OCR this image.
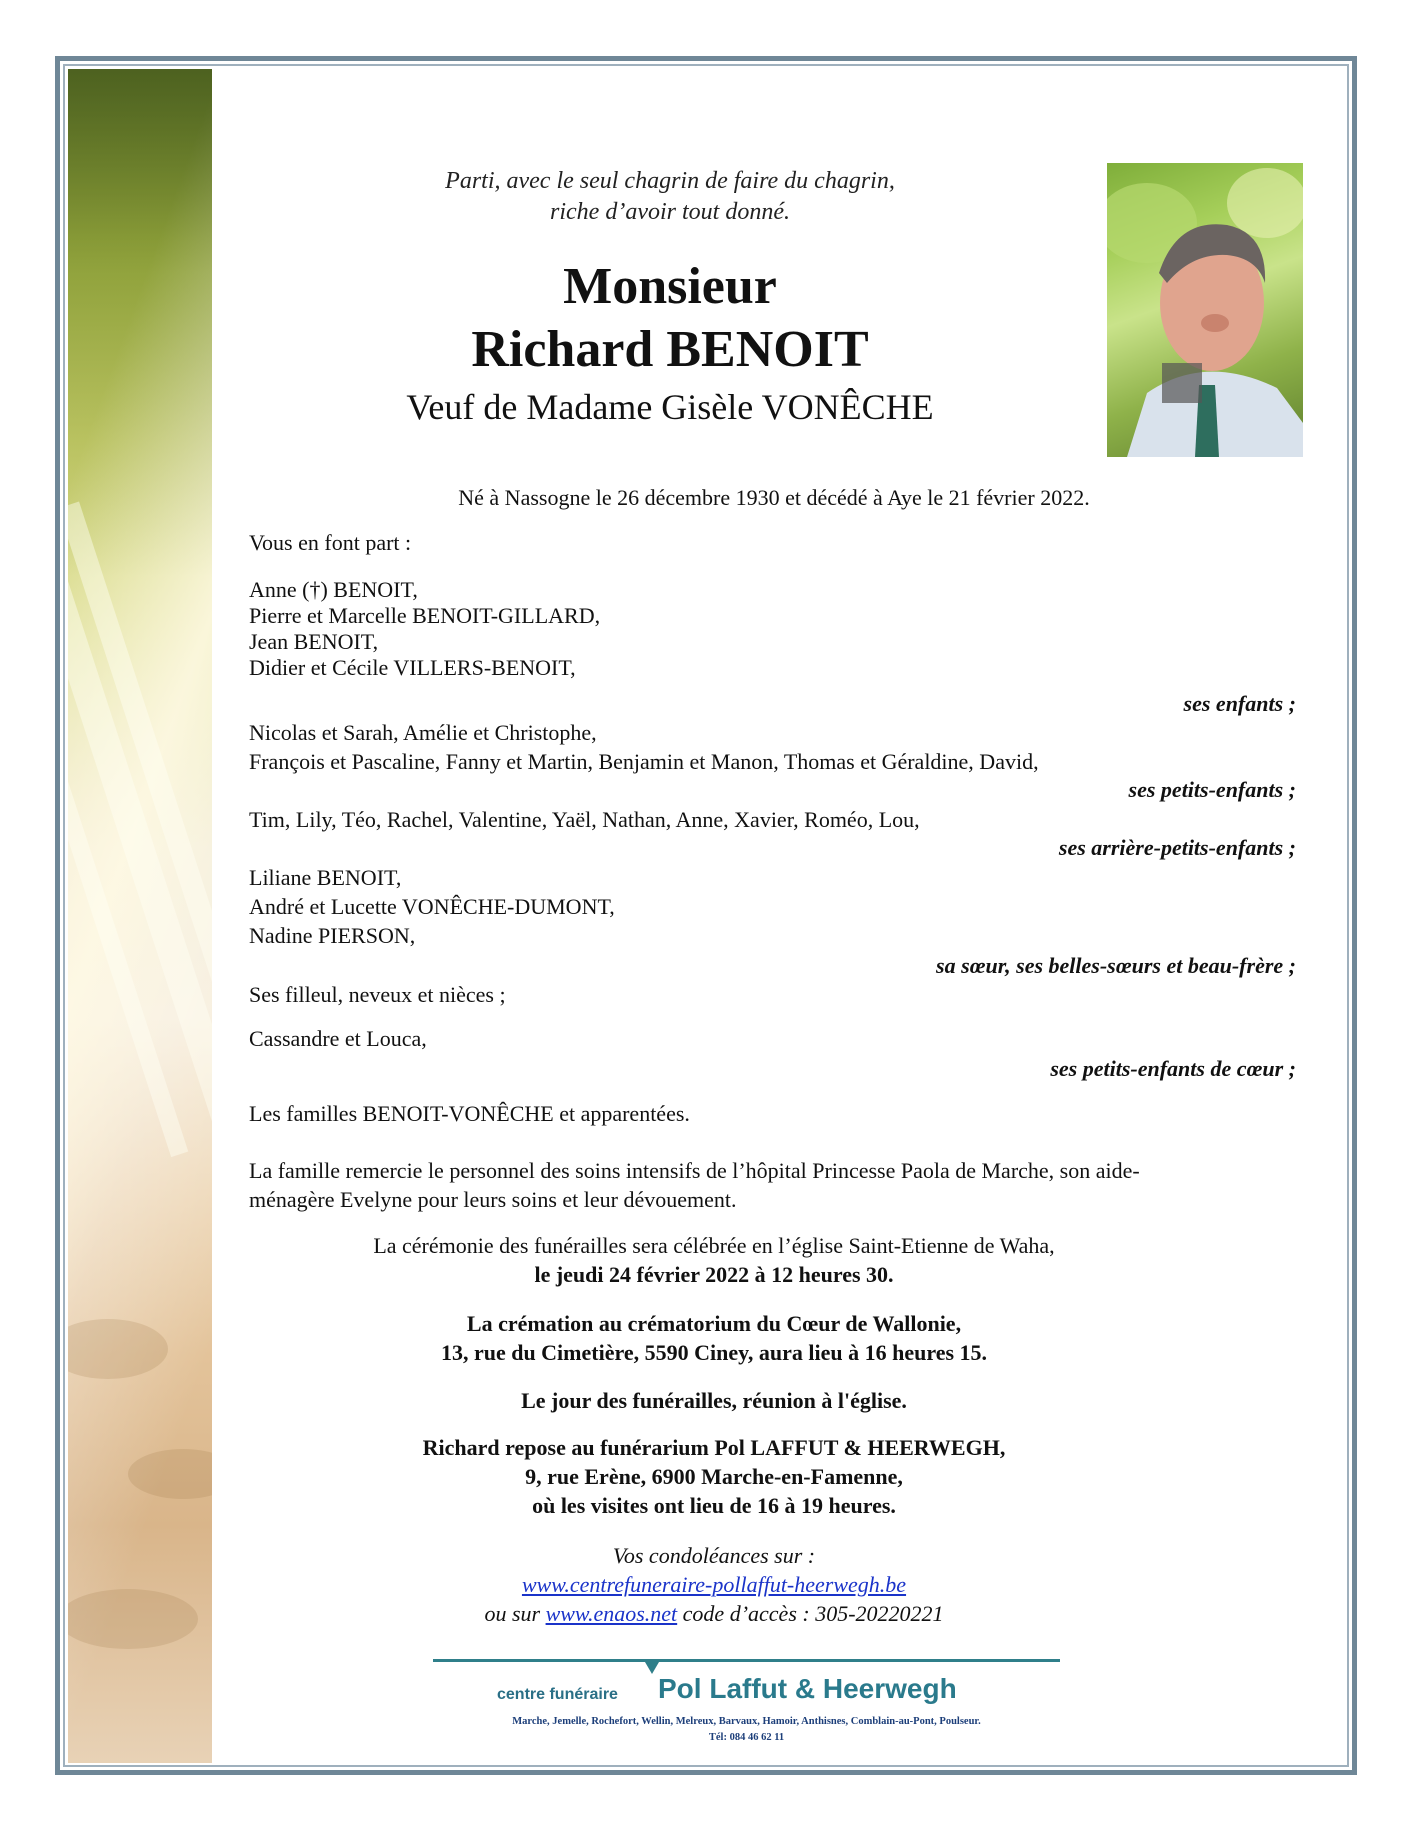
Parti, avec le seul chagrin de faire du chagrin,
riche d’avoir tout donné.
Monsieur
Richard BENOIT
Veuf de Madame Gisèle VONÊCHE
Né à Nassogne le 26 décembre 1930 et décédé à Aye le 21 février 2022.
Vous en font part :
Anne (†) BENOIT,
Pierre et Marcelle BENOIT-GILLARD,
Jean BENOIT,
Didier et Cécile VILLERS-BENOIT,
ses enfants ;
Nicolas et Sarah, Amélie et Christophe,
François et Pascaline, Fanny et Martin, Benjamin et Manon, Thomas et Géraldine, David,
ses petits-enfants ;
Tim, Lily, Téo, Rachel, Valentine, Yaël, Nathan, Anne, Xavier, Roméo, Lou,
ses arrière-petits-enfants ;
Liliane BENOIT,
André et Lucette VONÊCHE-DUMONT,
Nadine PIERSON,
sa sœur, ses belles-sœurs et beau-frère ;
Ses filleul, neveux et nièces ;
Cassandre et Louca,
ses petits-enfants de cœur ;
Les familles BENOIT-VONÊCHE et apparentées.
La famille remercie le personnel des soins intensifs de l’hôpital Princesse Paola de Marche, son aide-
ménagère Evelyne pour leurs soins et leur dévouement.
La cérémonie des funérailles sera célébrée en l’église Saint-Etienne de Waha,
le jeudi 24 février 2022 à 12 heures 30.
La crémation au crématorium du Cœur de Wallonie,
13, rue du Cimetière, 5590 Ciney, aura lieu à 16 heures 15.
Le jour des funérailles, réunion à l'église.
Richard repose au funérarium Pol LAFFUT & HEERWEGH,
9, rue Erène, 6900 Marche-en-Famenne,
où les visites ont lieu de 16 à 19 heures.
Vos condoléances sur :
www.centrefuneraire-pollaffut-heerwegh.be
ou sur www.enaos.net code d’accès : 305-20220221
centre funéraire Pol Laffut & Heerwegh
Marche, Jemelle, Rochefort, Wellin, Melreux, Barvaux, Hamoir, Anthisnes, Comblain-au-Pont, Poulseur.
Tél: 084 46 62 11
